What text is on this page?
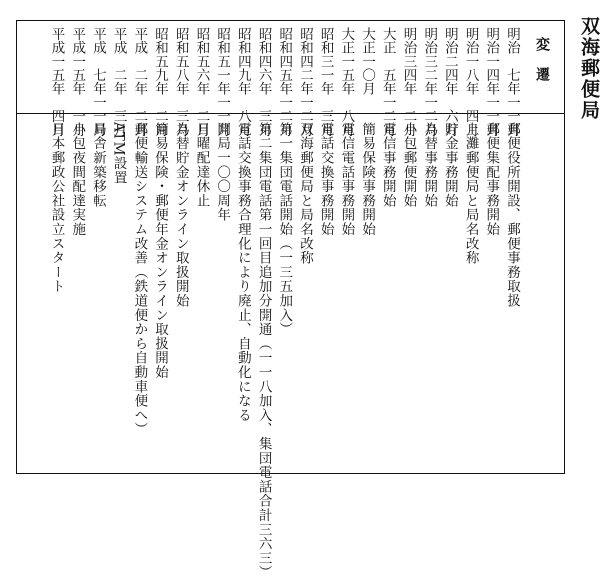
双海郵便局
変遷
明治　七年一一月
明治一四年一一月
明治一八年　四月
明治二四年　六月
明治三二年一二月
明治三四年　二月
大正　五年一二月
大正一〇月　　　
大正一五年　八月
昭和三一年　三月
昭和四二年一二月
昭和四五年一二月
昭和四六年　三月
昭和四九年　八月
昭和五一年一一月
昭和五六年　二月
昭和五八年　三月
昭和五九年　二月
平成　二年　二月
平成　二年　三月
平成　七年一一月
平成一五年　一月
平成一五年　四月
郵便役所開設、郵便事務取扱
郵便集配事務開始
上灘郵便局と局名改称
貯金事務開始
為替事務開始
小包郵便開始
電信事務開始
簡易保険事務開始
電信電話事務開始
電話交換事務開始
双海郵便局と局名改称
第一集団電話開始（一三五加入）
第二集団電話第一回目追加分開通（一一八加入、集団電話合計三六三）
電話交換事務合理化により廃止、自動化になる
開局一〇〇周年
日曜配達休止
為替貯金オンライン取扱開始
簡易保険・郵便年金オンライン取扱開始
郵便輸送システム改善（鉄道便から自動車便へ）
ATM設置
局舎新築移転
小包夜間配達実施
日本郵政公社設立スタート
